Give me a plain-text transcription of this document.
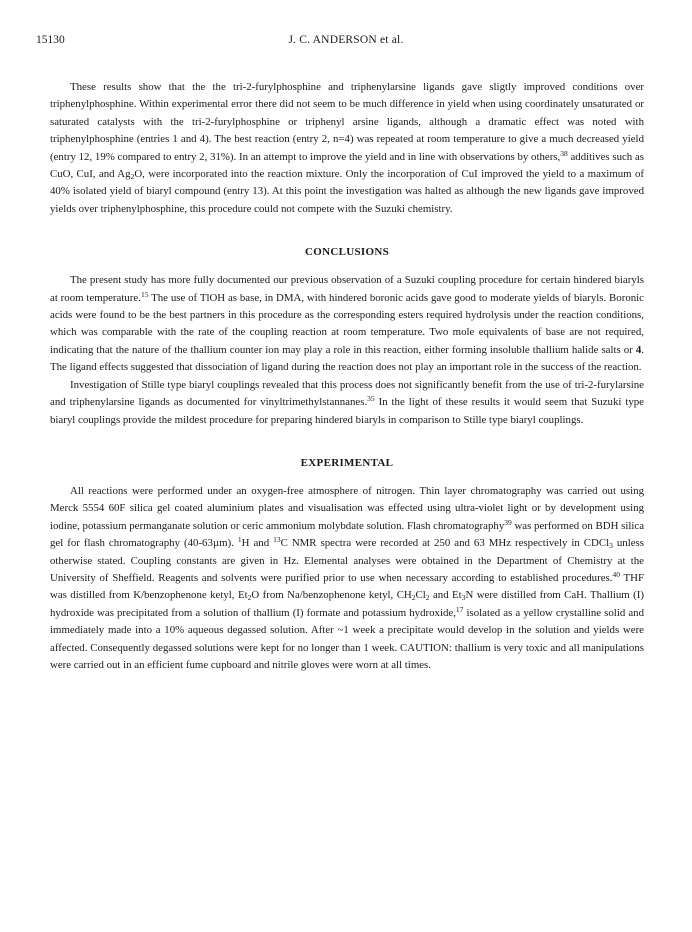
15130	J. C. ANDERSON et al.

These results show that the the tri-2-furylphosphine and triphenylarsine ligands gave sligtly improved conditions over triphenylphosphine. Within experimental error there did not seem to be much difference in yield when using coordinately unsaturated or saturated catalysts with the tri-2-furylphosphine or triphenyl arsine ligands, although a dramatic effect was noted with triphenylphosphine (entries 1 and 4). The best reaction (entry 2, n=4) was repeated at room temperature to give a much decreased yield (entry 12, 19% compared to entry 2, 31%). In an attempt to improve the yield and in line with observations by others,$^{38}$ additives such as CuO, CuI, and $Ag_2O$, were incorporated into the reaction mixture. Only the incorporation of CuI improved the yield to a maximum of 40% isolated yield of biaryl compound (entry 13). At this point the investigation was halted as although the new ligands gave improved yields over triphenylphosphine, this procedure could not compete with the Suzuki chemistry.

CONCLUSIONS

The present study has more fully documented our previous observation of a Suzuki coupling procedure for certain hindered biaryls at room temperature.$^{15}$ The use of TlOH as base, in DMA, with hindered boronic acids gave good to moderate yields of biaryls. Boronic acids were found to be the best partners in this procedure as the corresponding esters required hydrolysis under the reaction conditions, which was comparable with the rate of the coupling reaction at room temperature. Two mole equivalents of base are not required, indicating that the nature of the thallium counter ion may play a role in this reaction, either forming insoluble thallium halide salts or 4. The ligand effects suggested that dissociation of ligand during the reaction does not play an important role in the success of the reaction.

Investigation of Stille type biaryl couplings revealed that this process does not significantly benefit from the use of tri-2-furylarsine and triphenylarsine ligands as documented for vinyltrimethylstannanes.$^{35}$ In the light of these results it would seem that Suzuki type biaryl couplings provide the mildest procedure for preparing hindered biaryls in comparison to Stille type biaryl couplings.

EXPERIMENTAL

All reactions were performed under an oxygen-free atmosphere of nitrogen. Thin layer chromatography was carried out using Merck 5554 60F silica gel coated aluminium plates and visualisation was effected using ultra-violet light or by development using iodine, potassium permanganate solution or ceric ammonium molybdate solution. Flash chromatography$^{39}$ was performed on BDH silica gel for flash chromatography (40-63µm). $^1$H and $^{13}$C NMR spectra were recorded at 250 and 63 MHz respectively in CDCl$_3$ unless otherwise stated. Coupling constants are given in Hz. Elemental analyses were obtained in the Department of Chemistry at the University of Sheffield. Reagents and solvents were purified prior to use when necessary according to established procedures.$^{40}$ THF was distilled from K/benzophenone ketyl, $Et_2O$ from Na/benzophenone ketyl, $CH_2Cl_2$ and $Et_3N$ were distilled from CaH. Thallium (I) hydroxide was precipitated from a solution of thallium (I) formate and potassium hydroxide,$^{17}$ isolated as a yellow crystalline solid and immediately made into a 10% aqueous degassed solution. After ~1 week a precipitate would develop in the solution and yields were affected. Consequently degassed solutions were kept for no longer than 1 week. CAUTION: thallium is very toxic and all manipulations were carried out in an efficient fume cupboard and nitrile gloves were worn at all times.
